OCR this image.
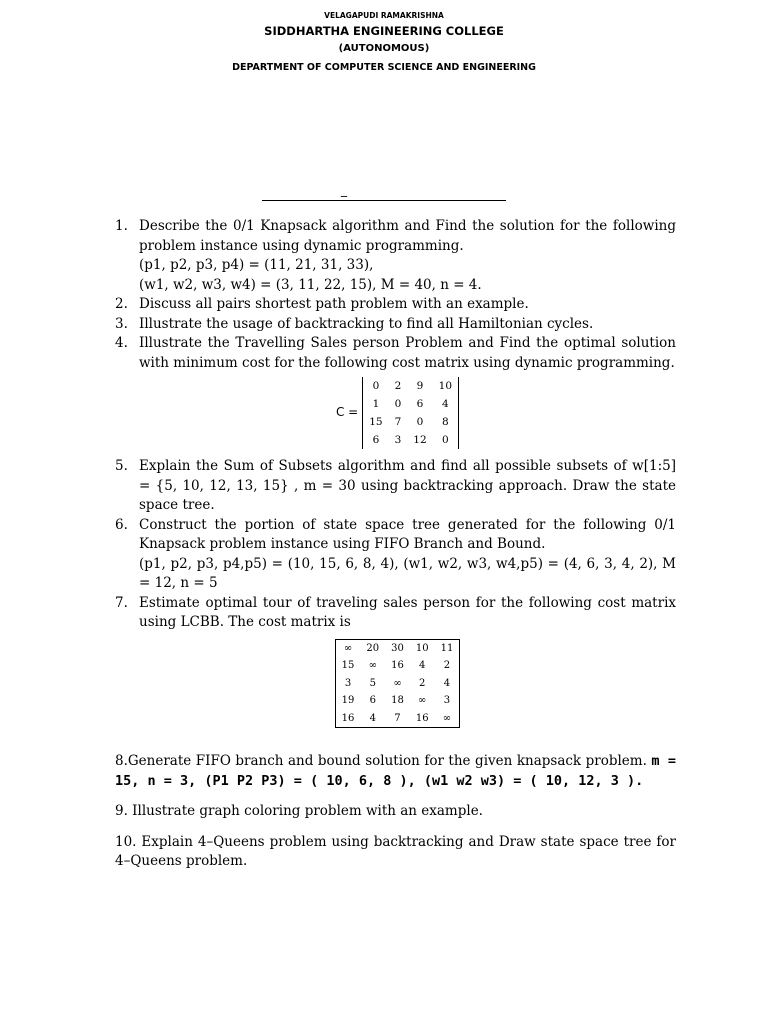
VELAGAPUDI RAMAKRISHNA
SIDDHARTHA ENGINEERING COLLEGE
(AUTONOMOUS)
DEPARTMENT OF COMPUTER SCIENCE AND ENGINEERING
_
1. Describe the 0/1 Knapsack algorithm and Find the solution for the following problem instance using dynamic programming.
(p1, p2, p3, p4) = (11, 21, 31, 33),
(w1, w2, w3, w4) = (3, 11, 22, 15), M = 40, n = 4.
2. Discuss all pairs shortest path problem with an example.
3. Illustrate the usage of backtracking to find all Hamiltonian cycles.
4. Illustrate the Travelling Sales person Problem and Find the optimal solution with minimum cost for the following cost matrix using dynamic programming.
C =
0	2	9	10
1	0	6	4
15	7	0	8
6	3	12	0
5. Explain the Sum of Subsets algorithm and find all possible subsets of w[1:5] = {5, 10, 12, 13, 15} , m = 30 using backtracking approach. Draw the state space tree.
6. Construct the portion of state space tree generated for the following 0/1 Knapsack problem instance using FIFO Branch and Bound.
(p1, p2, p3, p4,p5) = (10, 15, 6, 8, 4), (w1, w2, w3, w4,p5) = (4, 6, 3, 4, 2), M = 12, n = 5
7. Estimate optimal tour of traveling sales person for the following cost matrix using LCBB. The cost matrix is
∞	20	30	10	11
15	∞	16	4	2
3	5	∞	2	4
19	6	18	∞	3
16	4	7	16	∞
8.Generate FIFO branch and bound solution for the given knapsack problem. m = 15, n = 3, (P1 P2 P3) = ( 10, 6, 8 ), (w1 w2 w3) = ( 10, 12, 3 ).
9. Illustrate graph coloring problem with an example.
10. Explain 4–Queens problem using backtracking and Draw state space tree for 4–Queens problem.
